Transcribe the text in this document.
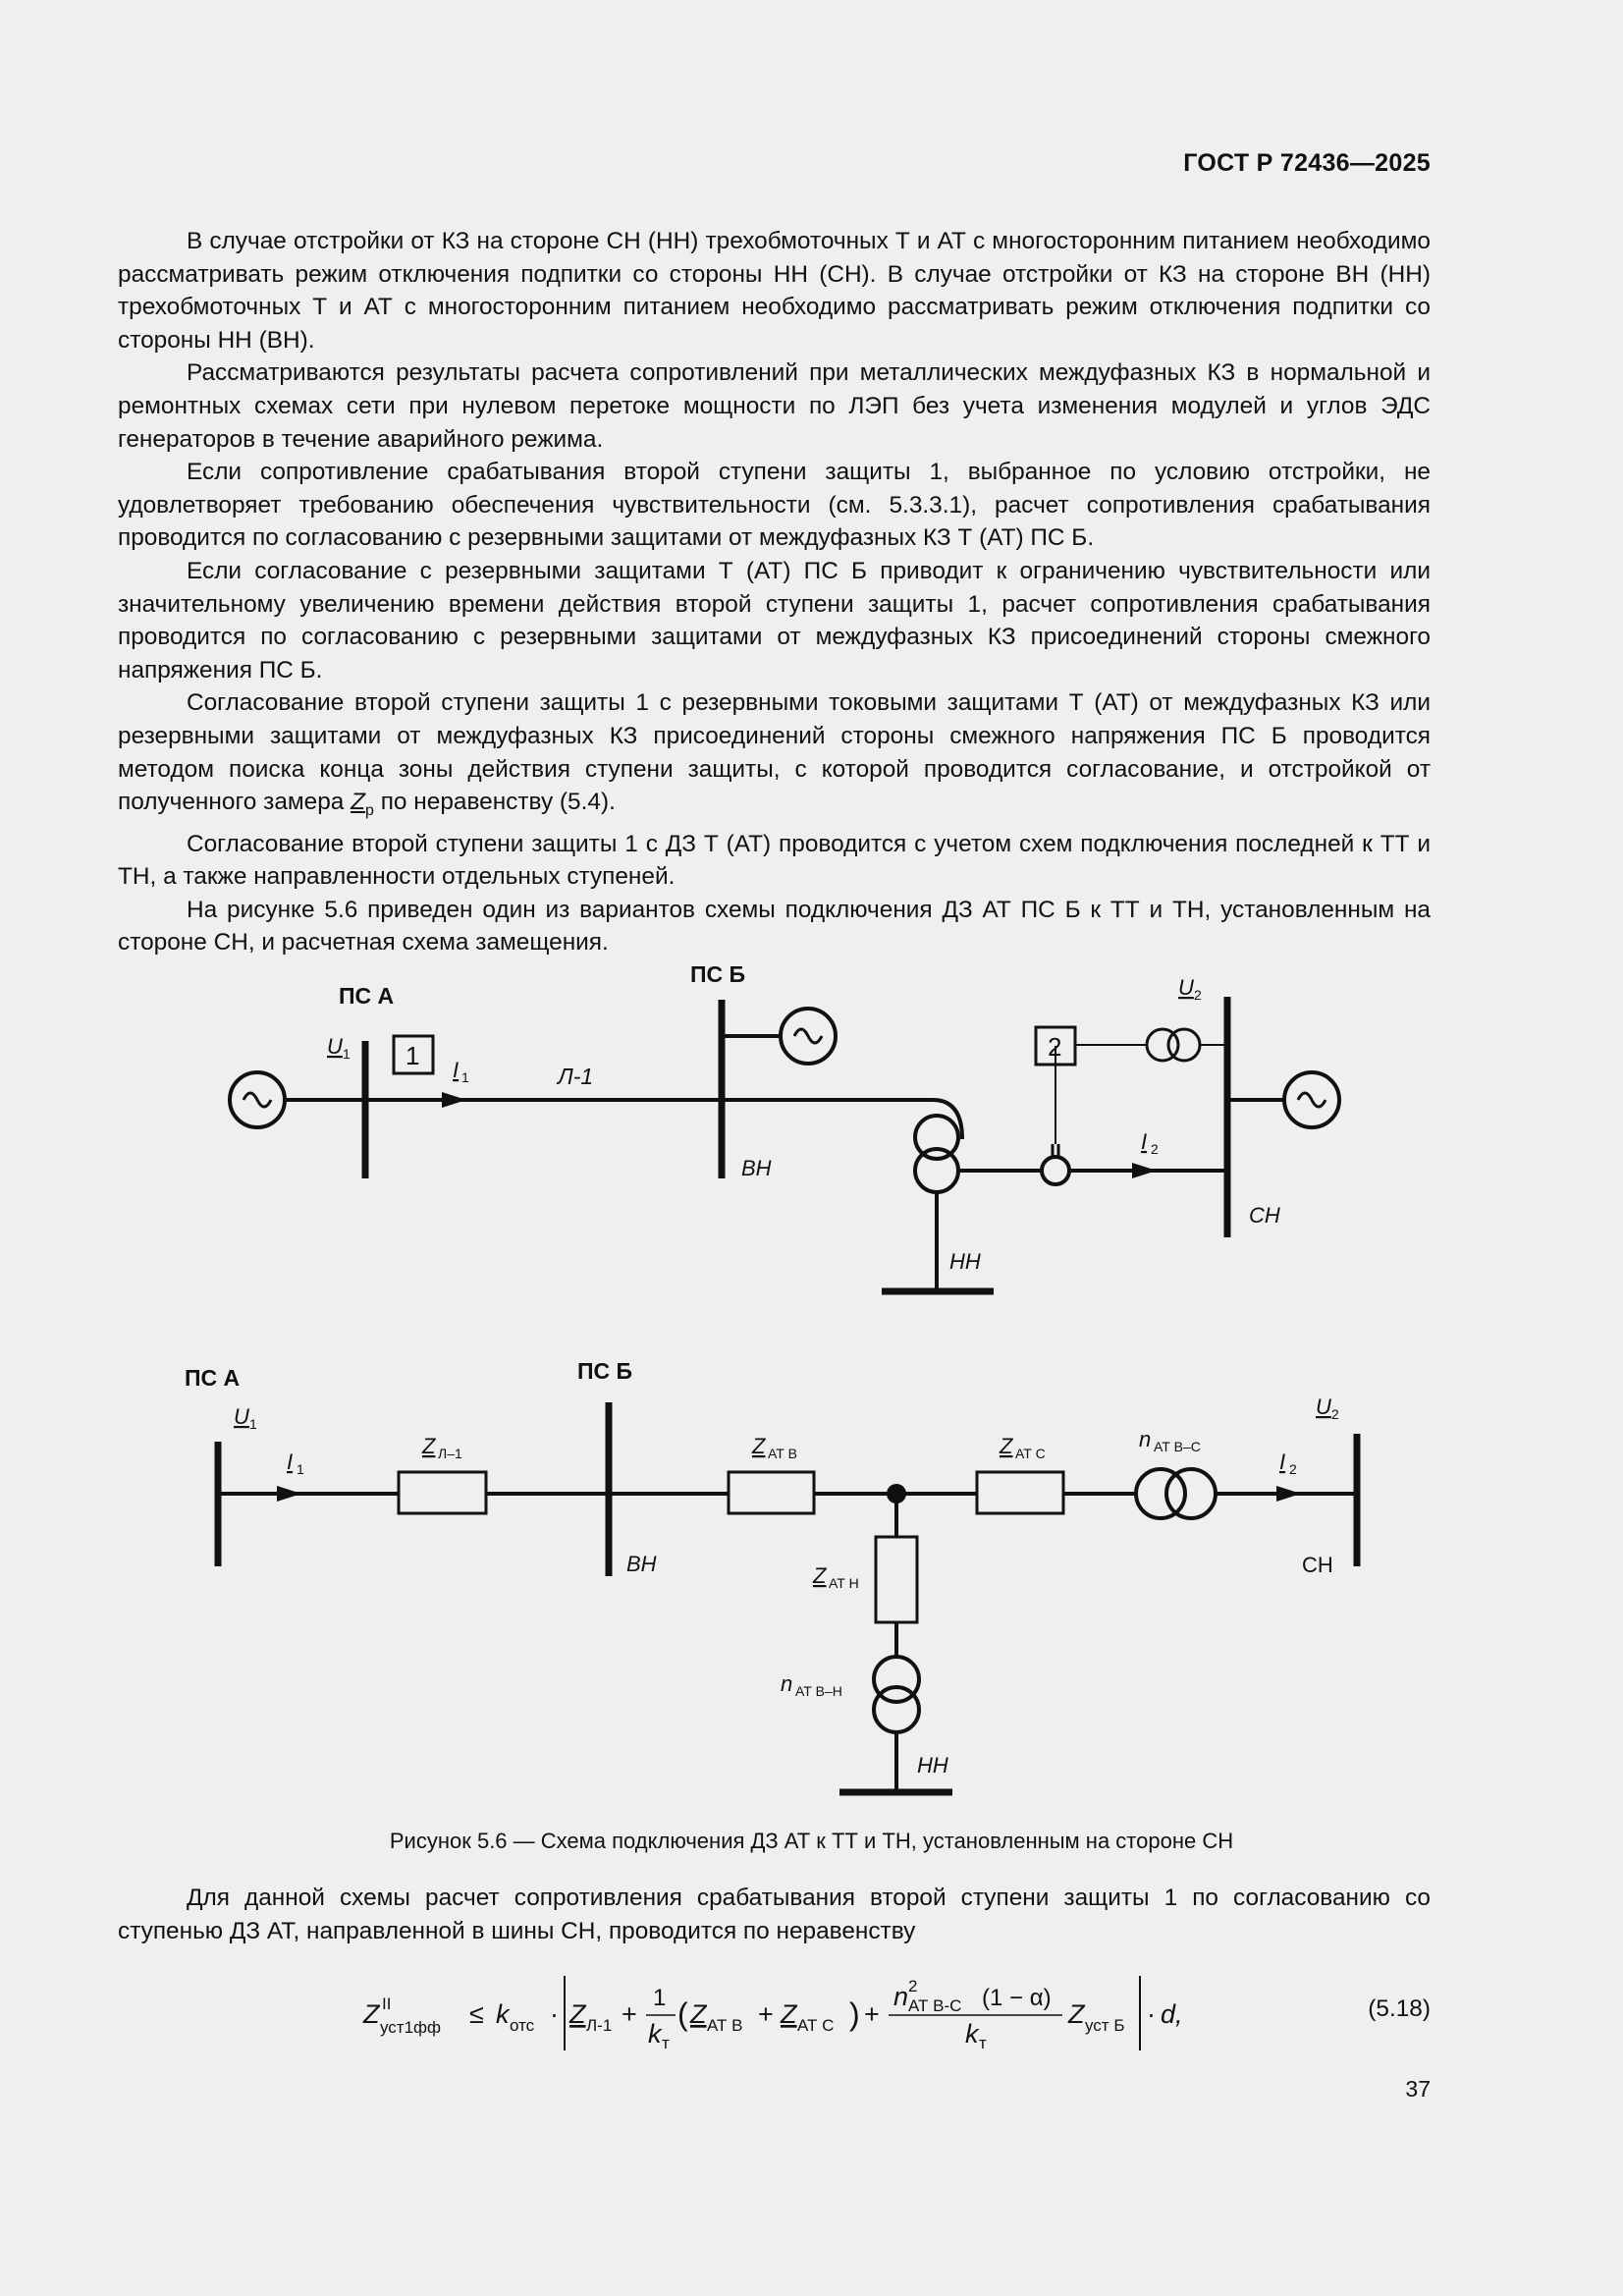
ГОСТ Р 72436—2025

В случае отстройки от КЗ на стороне СН (НН) трехобмоточных Т и АТ с многосторонним питанием необходимо рассматривать режим отключения подпитки со стороны НН (СН). В случае отстройки от КЗ на стороне ВН (НН) трехобмоточных Т и АТ с многосторонним питанием необходимо рассматривать режим отключения подпитки со стороны НН (ВН).

Рассматриваются результаты расчета сопротивлений при металлических междуфазных КЗ в нормальной и ремонтных схемах сети при нулевом перетоке мощности по ЛЭП без учета изменения модулей и углов ЭДС генераторов в течение аварийного режима.

Если сопротивление срабатывания второй ступени защиты 1, выбранное по условию отстройки, не удовлетворяет требованию обеспечения чувствительности (см. 5.3.3.1), расчет сопротивления срабатывания проводится по согласованию с резервными защитами от междуфазных КЗ Т (АТ) ПС Б.

Если согласование с резервными защитами Т (АТ) ПС Б приводит к ограничению чувствительности или значительному увеличению времени действия второй ступени защиты 1, расчет сопротивления срабатывания проводится по согласованию с резервными защитами от междуфазных КЗ присоединений стороны смежного напряжения ПС Б.

Согласование второй ступени защиты 1 с резервными токовыми защитами Т (АТ) от междуфазных КЗ или резервными защитами от междуфазных КЗ присоединений стороны смежного напряжения ПС Б проводится методом поиска конца зоны действия ступени защиты, с которой проводится согласование, и отстройкой от полученного замера $Z_р$ по неравенству (5.4).

Согласование второй ступени защиты 1 с ДЗ Т (АТ) проводится с учетом схем подключения последней к ТТ и ТН, а также направленности отдельных ступеней.

На рисунке 5.6 приведен один из вариантов схемы подключения ДЗ АТ ПС Б к ТТ и ТН, установленным на стороне СН, и расчетная схема замещения.

ПС А
ПС Б
U 1 1 I 1	Л-1
ВН
2
U 2
I 2
СН
НН
ПС А	ПС Б
U 1
I 1
Z Л–1	Z АТ В	Z АТ С
n АТ В–С
U 2
I 2
ВН	СН
Z АТ Н
n АТ В–Н
НН
Рисунок 5.6 — Схема подключения ДЗ АТ к ТТ и ТН, установленным на стороне СН

Для данной схемы расчет сопротивления срабатывания второй ступени защиты 1 по согласованию со ступенью ДЗ АТ, направленной в шины СН, проводится по неравенству

Z II
уст1фф ≤ k отс · Z Л-1 +
1
k т
( Z АТ В + Z АТ С ) +
n 2
АТ В-С (1 − α)
k т
Z уст Б · d,	(5.18)
37
